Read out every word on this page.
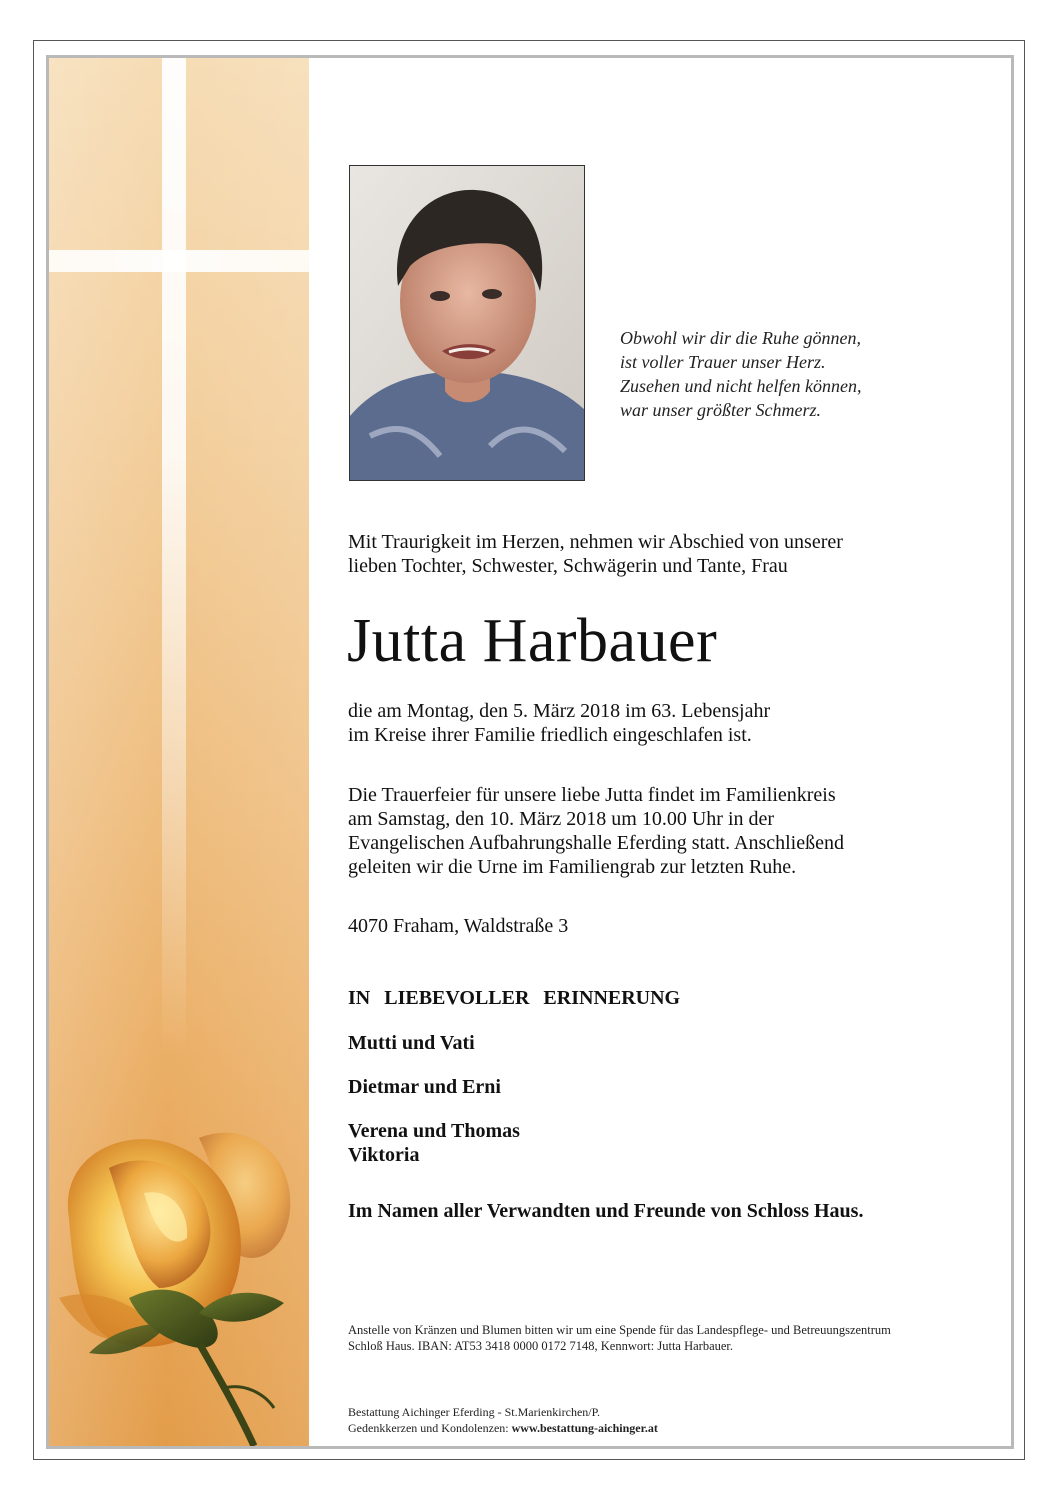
Obwohl wir dir die Ruhe gönnen,
ist voller Trauer unser Herz.
Zusehen und nicht helfen können,
war unser größter Schmerz.
Mit Traurigkeit im Herzen, nehmen wir Abschied von unserer
lieben Tochter, Schwester, Schwägerin und Tante, Frau
Jutta Harbauer
die am Montag, den 5. März 2018 im 63. Lebensjahr
im Kreise ihrer Familie friedlich eingeschlafen ist.
Die Trauerfeier für unsere liebe Jutta findet im Familienkreis
am Samstag, den 10. März 2018 um 10.00 Uhr in der
Evangelischen Aufbahrungshalle Eferding statt. Anschließend
geleiten wir die Urne im Familiengrab zur letzten Ruhe.
4070 Fraham, Waldstraße 3
IN  LIEBEVOLLER  ERINNERUNG
Mutti und Vati
Dietmar und Erni
Verena und Thomas
Viktoria
Im Namen aller Verwandten und Freunde von Schloss Haus.
Anstelle von Kränzen und Blumen bitten wir um eine Spende für das Landespflege- und Betreuungszentrum
Schloß Haus. IBAN: AT53 3418 0000 0172 7148, Kennwort: Jutta Harbauer.
Bestattung Aichinger Eferding - St.Marienkirchen/P.
Gedenkkerzen und Kondolenzen: www.bestattung-aichinger.at
